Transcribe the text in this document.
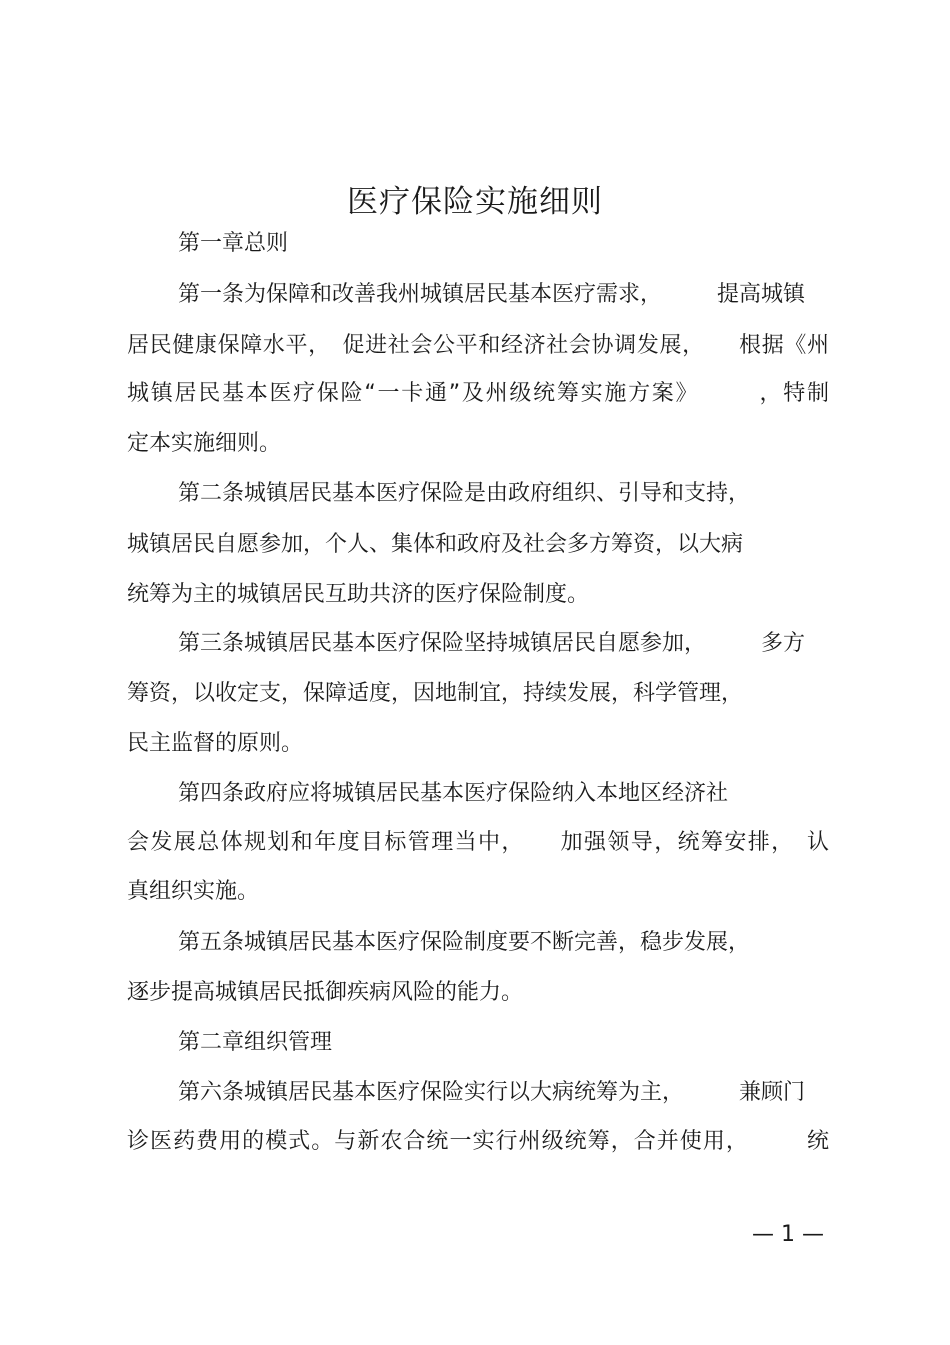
医疗保险实施细则
第一章总则
第一条为保障和改善我州城镇居民基本医疗需求，　　　提高城镇
居民健康保障水平，　促进社会公平和经济社会协调发展，　　根据《州
城镇居民基本医疗保险“一卡通”及州级统筹实施方案》　　　，特制
定本实施细则。
第二条城镇居民基本医疗保险是由政府组织、引导和支持，
城镇居民自愿参加，个人、集体和政府及社会多方筹资，以大病
统筹为主的城镇居民互助共济的医疗保险制度。
第三条城镇居民基本医疗保险坚持城镇居民自愿参加，　　　多方
筹资，以收定支，保障适度，因地制宜，持续发展，科学管理，
民主监督的原则。
第四条政府应将城镇居民基本医疗保险纳入本地区经济社
会发展总体规划和年度目标管理当中，　　加强领导，统筹安排，　认
真组织实施。
第五条城镇居民基本医疗保险制度要不断完善，稳步发展，
逐步提高城镇居民抵御疾病风险的能力。
第二章组织管理
第六条城镇居民基本医疗保险实行以大病统筹为主，　　　兼顾门
诊医药费用的模式。与新农合统一实行州级统筹，合并使用，　　　统
— 1 —
